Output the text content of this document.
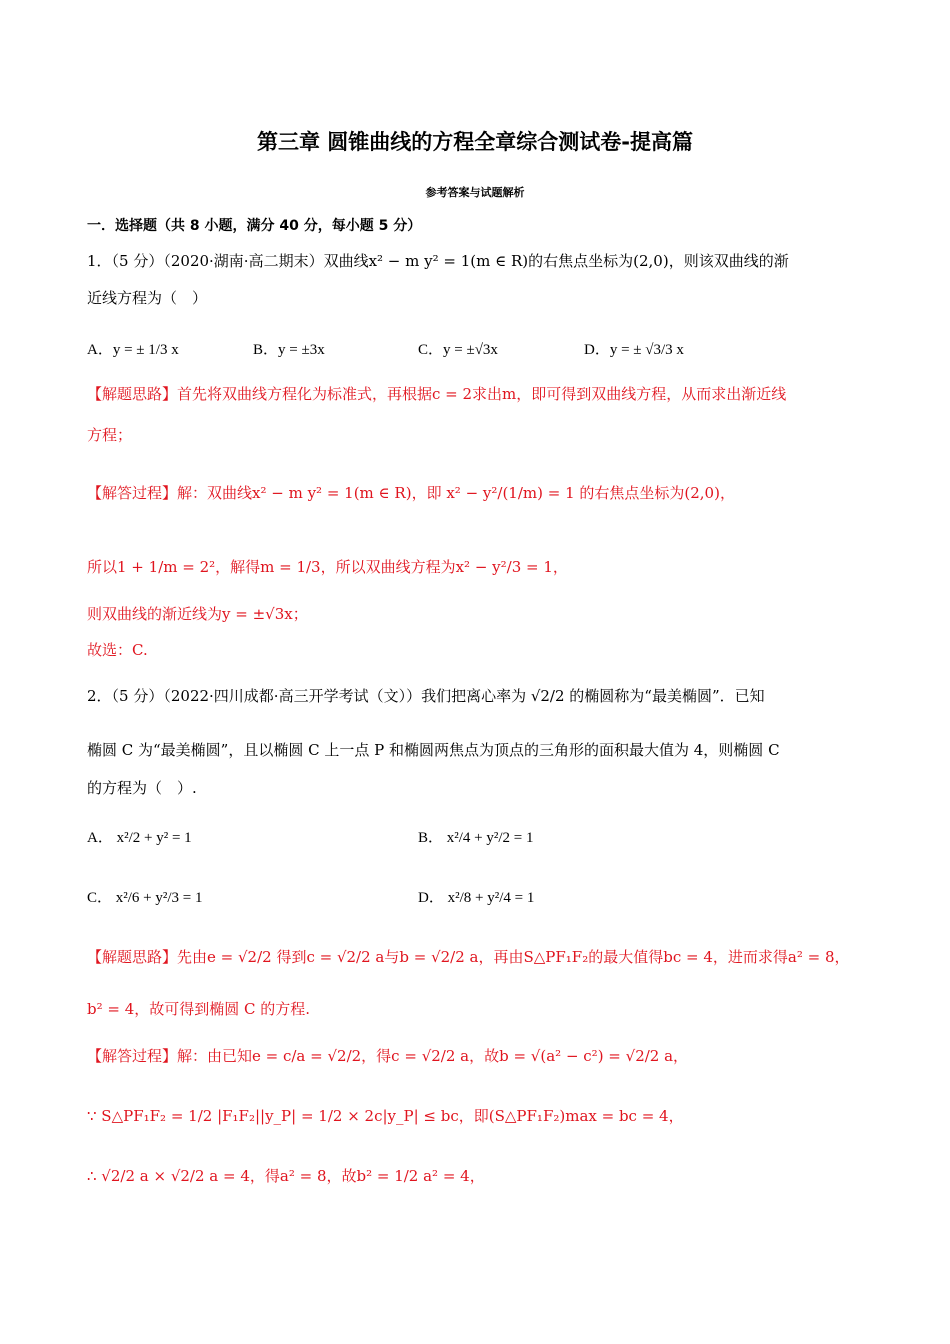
第三章 圆锥曲线的方程全章综合测试卷-提高篇
参考答案与试题解析
一．选择题（共 8 小题，满分 40 分，每小题 5 分）
1．（5 分）（2020·湖南·高二期末）双曲线x² − m y² = 1(m ∈ R)的右焦点坐标为(2,0)，则该双曲线的渐
近线方程为（　）
A．y = ± 1/3 x	B．y = ±3x	C．y = ±√3x	D．y = ± √3/3 x
【解题思路】首先将双曲线方程化为标准式，再根据c = 2求出m，即可得到双曲线方程，从而求出渐近线
方程；
【解答过程】解：双曲线x² − m y² = 1(m ∈ R)，即 x² − y²/(1/m) = 1 的右焦点坐标为(2,0)，
所以1 + 1/m = 2²，解得m = 1/3，所以双曲线方程为x² − y²/3 = 1，
则双曲线的渐近线为y = ±√3x；
故选：C.
2．（5 分）（2022·四川成都·高三开学考试（文））我们把离心率为 √2/2 的椭圆称为“最美椭圆”．已知
椭圆 C 为“最美椭圆”，且以椭圆 C 上一点 P 和椭圆两焦点为顶点的三角形的面积最大值为 4，则椭圆 C
的方程为（　）.
A． x²/2 + y² = 1	B． x²/4 + y²/2 = 1
C． x²/6 + y²/3 = 1	D． x²/8 + y²/4 = 1
【解题思路】先由e = √2/2 得到c = √2/2 a与b = √2/2 a，再由S△PF₁F₂的最大值得bc = 4，进而求得a² = 8，
b² = 4，故可得到椭圆 C 的方程.
【解答过程】解：由已知e = c/a = √2/2，得c = √2/2 a，故b = √(a² − c²) = √2/2 a，
∵ S△PF₁F₂ = 1/2 |F₁F₂||y_P| = 1/2 × 2c|y_P| ≤ bc，即(S△PF₁F₂)max = bc = 4，
∴ √2/2 a × √2/2 a = 4，得a² = 8，故b² = 1/2 a² = 4，
